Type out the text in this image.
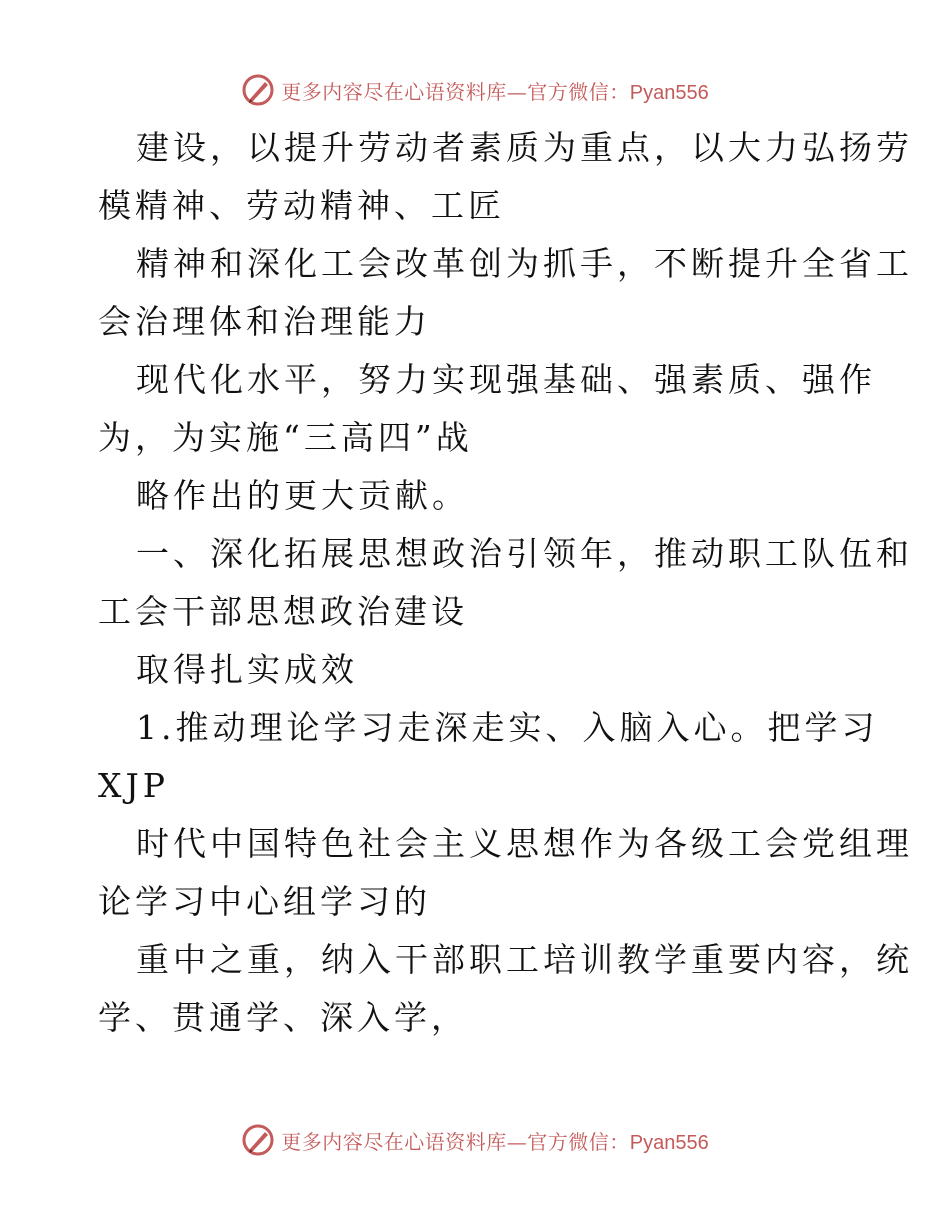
更多内容尽在心语资料库—官方微信：Pyan556
建设，以提升劳动者素质为重点，以大力弘扬劳
模精神、劳动精神、工匠
精神和深化工会改革创为抓手，不断提升全省工
会治理体和治理能力
现代化水平，努力实现强基础、强素质、强作
为，为实施“三高四”战
略作出的更大贡献。
一、深化拓展思想政治引领年，推动职工队伍和
工会干部思想政治建设
取得扎实成效
1.推动理论学习走深走实、入脑入心。把学习
XJP
时代中国特色社会主义思想作为各级工会党组理
论学习中心组学习的
重中之重，纳入干部职工培训教学重要内容，统
学、贯通学、深入学，
更多内容尽在心语资料库—官方微信：Pyan556
